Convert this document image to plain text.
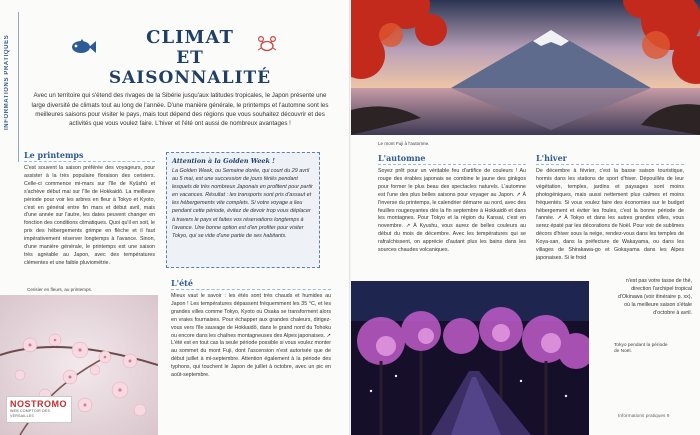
INFORMATIONS PRATIQUES	CLIMAT
ET SAISONNALITÉ

Avec un territoire qui s'étend des rivages de la Sibérie jusqu'aux latitudes tropicales, le Japon présente une large diversité de climats tout au long de l'année. D'une manière générale, le printemps et l'automne sont les meilleures saisons pour visiter le pays, mais tout dépend des régions que vous souhaitez découvrir et des activités que vous voulez faire. L'hiver et l'été ont aussi de nombreux avantages !

Le printemps

C'est souvent la saison préférée des voyageurs, pour assister à la très populaire floraison des cerisiers. Celle-ci commence mi-mars sur l'île de Kyūshū et s'achève début mai sur l'île de Hokkaidō. La meilleure période pour voir les arbres en fleur à Tokyo et Kyoto, c'est en général entre fin mars et début avril, mais d'une année sur l'autre, les dates peuvent changer en fonction des conditions climatiques. Quoi qu'il en soit, le prix des hébergements grimpe en flèche et il faut impérativement réserver longtemps à l'avance. Sinon, d'une manière générale, le printemps est une saison très agréable au Japon, avec des températures clémentes et une faible pluviométrie.

Cerisier en fleurs, au printemps.
Attention à la Golden Week !

La Golden Week, ou Semaine dorée, qui court du 29 avril au 5 mai, est une succession de jours fériés pendant lesquels de très nombreux Japonais en profitent pour partir en vacances. Résultat : les transports sont pris d'assaut et les hébergements vite complets. Si votre voyage a lieu pendant cette période, évitez de devoir trop vous déplacer à travers le pays et faites vos réservations longtemps à l'avance. Une bonne option est d'en profiter pour visiter Tokyo, qui se vide d'une partie de ses habitants.

L'été

Mieux vaut le savoir : les étés sont très chauds et humides au Japon ! Les températures dépassent fréquemment les 35 °C, et les grandes villes comme Tokyo, Kyoto ou Osaka se transforment alors en vraies fournaises. Pour échapper aux grandes chaleurs, dirigez-vous vers l'île sauvage de Hokkaidō, dans le grand nord du Tohoku ou encore dans les chaînes montagneuses des Alpes japonaises. ➚ L'été est en tout cas la seule période possible si vous voulez monter au sommet du mont Fuji, dont l'ascension n'est autorisée que de début juillet à mi-septembre. Attention également à la période des typhons, qui touchent le Japon de juillet à octobre, avec un pic en août-septembre.

NOSTROMO
WEB COMPTOIR DES VERSAILLES
Le mont Fuji à l'automne.
L'automne

Soyez prêt pour un véritable feu d'artifice de couleurs ! Au rouge des érables japonais se combine le jaune des ginkgos pour former le plus beau des spectacles naturels. L'automne est l'une des plus belles saisons pour voyager au Japon. ➚ À l'inverse du printemps, le calendrier démarre au nord, avec des feuilles rougeoyantes dès la fin septembre à Hokkaidō et dans les montagnes. Pour Tokyo et la région du Kansai, c'est en novembre. ➚ À Kyushu, vous aurez de belles couleurs au début du mois de décembre. Avec les températures qui se rafraîchissent, on apprécie d'autant plus les bains dans les sources chaudes volcaniques.

L'hiver

De décembre à février, c'est la basse saison touristique, hormis dans les stations de sport d'hiver. Dépouillés de leur végétation, temples, jardins et paysages sont moins photogéniques, mais aussi nettement plus calmes et moins fréquentés. Si vous voulez faire des économies sur le budget hébergement et éviter les foules, c'est la bonne période de l'année. ➚ À Tokyo et dans les autres grandes villes, vous serez épaté par les décorations de Noël. Pour voir de sublimes décors d'hiver sous la neige, rendez-vous dans les temples de Koya-san, dans la préfecture de Wakayama, ou dans les villages de Shirakawa-go et Gokayama dans les Alpes japonaises. Si le froid

n'est pas votre tasse de thé, direction l'archipel tropical d'Okinawa (voir itinéraire p. xx), où la meilleure saison s'étale d'octobre à avril.
Tokyo pendant la période de Noël.
Informations pratiques 9
